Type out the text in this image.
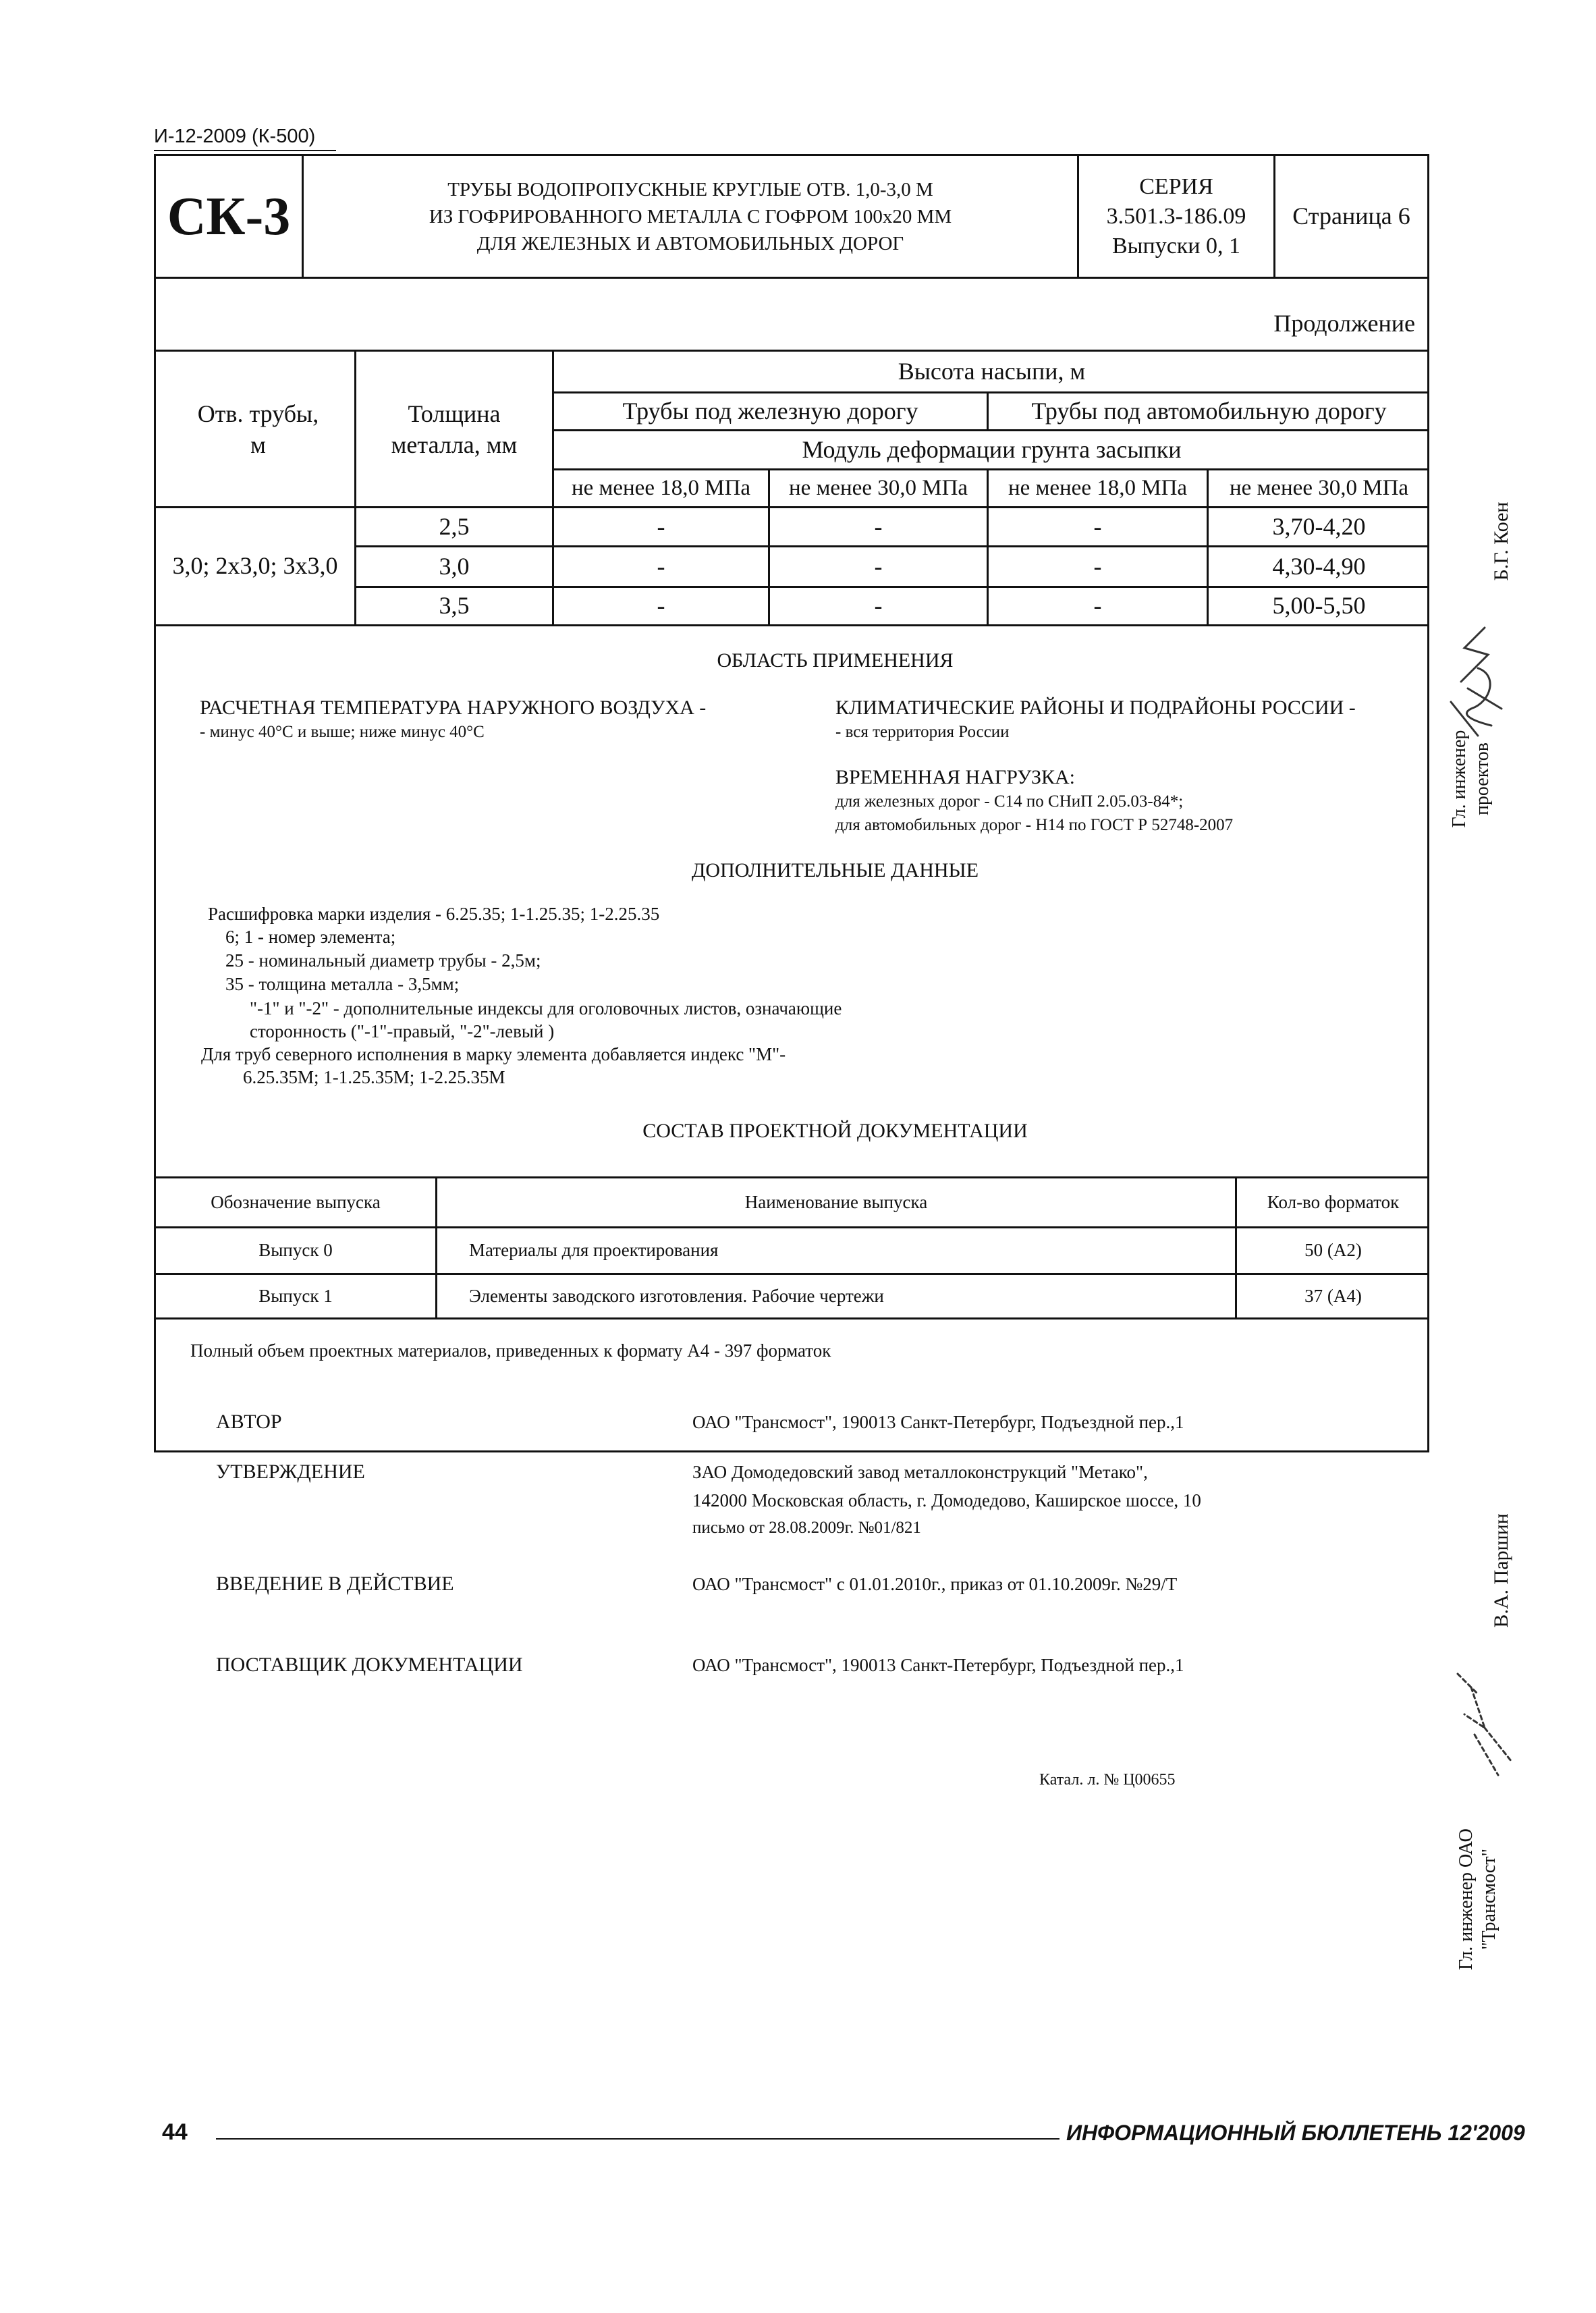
И-12-2009 (К-500)
СК-3	ТРУБЫ ВОДОПРОПУСКНЫЕ КРУГЛЫЕ ОТВ. 1,0-3,0 М
ИЗ ГОФРИРОВАННОГО МЕТАЛЛА С ГОФРОМ 100х20 ММ
ДЛЯ ЖЕЛЕЗНЫХ И АВТОМОБИЛЬНЫХ ДОРОГ
СЕРИЯ
3.501.3-186.09
Выпуски 0, 1
Страница 6
Продолжение
Отв. трубы, м
Толщина металла, мм
Высота насыпи, м
Трубы под железную дорогу	Трубы под автомобильную дорогу
Модуль деформации грунта засыпки
не менее 18,0 МПа	не менее 30,0 МПа	не менее 18,0 МПа	не менее 30,0 МПа
3,0; 2х3,0; 3х3,0
2,5	-	-	-	3,70-4,20
3,0	-	-	-	4,30-4,90
3,5	-	-	-	5,00-5,50
ОБЛАСТЬ ПРИМЕНЕНИЯ
РАСЧЕТНАЯ ТЕМПЕРАТУРА НАРУЖНОГО ВОЗДУХА -
- минус 40°С и выше; ниже минус 40°С
КЛИМАТИЧЕСКИЕ РАЙОНЫ И ПОДРАЙОНЫ РОССИИ -
- вся территория России
ВРЕМЕННАЯ НАГРУЗКА:
для железных дорог - С14 по СНиП 2.05.03-84*;
для автомобильных дорог - Н14 по ГОСТ Р 52748-2007
ДОПОЛНИТЕЛЬНЫЕ ДАННЫЕ
Расшифровка марки изделия - 6.25.35; 1-1.25.35; 1-2.25.35
6; 1 - номер элемента;
25 - номинальный диаметр трубы - 2,5м;
35 - толщина металла - 3,5мм;
"-1" и "-2" - дополнительные индексы для оголовочных листов, означающие
сторонность ("-1"-правый, "-2"-левый )
Для труб северного исполнения в марку элемента добавляется индекс "М"-
6.25.35М; 1-1.25.35М; 1-2.25.35М
СОСТАВ ПРОЕКТНОЙ ДОКУМЕНТАЦИИ
Обозначение выпуска	Наименование выпуска	Кол-во форматок
Выпуск 0	Материалы для проектирования	50 (А2)
Выпуск 1	Элементы заводского изготовления. Рабочие чертежи	37 (А4)
Полный объем проектных материалов, приведенных к формату А4 - 397 форматок
АВТОР	ОАО "Трансмост", 190013 Санкт-Петербург, Подъездной пер.,1
УТВЕРЖДЕНИЕ	ЗАО Домодедовский завод металлоконструкций "Метако",
142000 Московская область, г. Домодедово, Каширское шоссе, 10
письмо от 28.08.2009г. №01/821
ВВЕДЕНИЕ В ДЕЙСТВИЕ	ОАО "Трансмост" с 01.01.2010г., приказ от 01.10.2009г. №29/Т
ПОСТАВЩИК ДОКУМЕНТАЦИИ	ОАО "Трансмост", 190013 Санкт-Петербург, Подъездной пер.,1
Катал. л. № Ц00655
Б.Г. Коен
Гл. инженер проектов
В.А. Паршин
Гл. инженер ОАО "Трансмост"
44	ИНФОРМАЦИОННЫЙ БЮЛЛЕТЕНЬ 12'2009
